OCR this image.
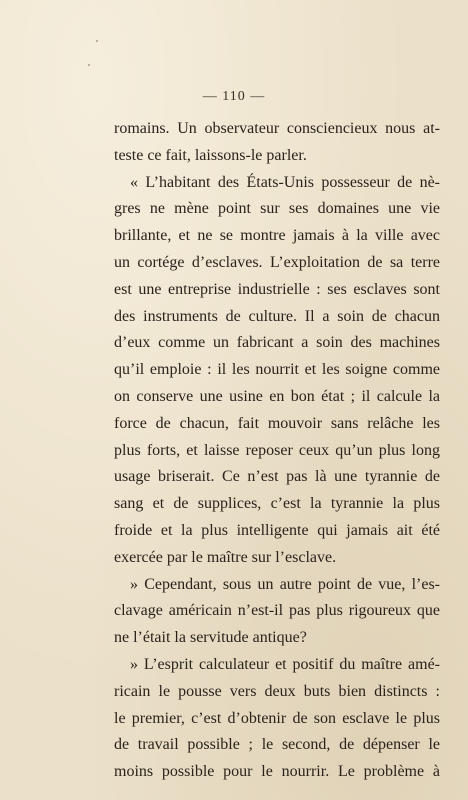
— 110 —
romains. Un observateur consciencieux nous at-
teste ce fait, laissons-le parler.
« L’habitant des États-Unis possesseur de nè-
gres ne mène point sur ses domaines une vie
brillante, et ne se montre jamais à la ville avec
un cortége d’esclaves. L’exploitation de sa terre
est une entreprise industrielle : ses esclaves sont
des instruments de culture. Il a soin de chacun
d’eux comme un fabricant a soin des machines
qu’il emploie : il les nourrit et les soigne comme
on conserve une usine en bon état ; il calcule la
force de chacun, fait mouvoir sans relâche les
plus forts, et laisse reposer ceux qu’un plus long
usage briserait. Ce n’est pas là une tyrannie de
sang et de supplices, c’est la tyrannie la plus
froide et la plus intelligente qui jamais ait été
exercée par le maître sur l’esclave.
» Cependant, sous un autre point de vue, l’es-
clavage américain n’est-il pas plus rigoureux que
ne l’était la servitude antique?
» L’esprit calculateur et positif du maître amé-
ricain le pousse vers deux buts bien distincts :
le premier, c’est d’obtenir de son esclave le plus
de travail possible ; le second, de dépenser le
moins possible pour le nourrir. Le problème à
